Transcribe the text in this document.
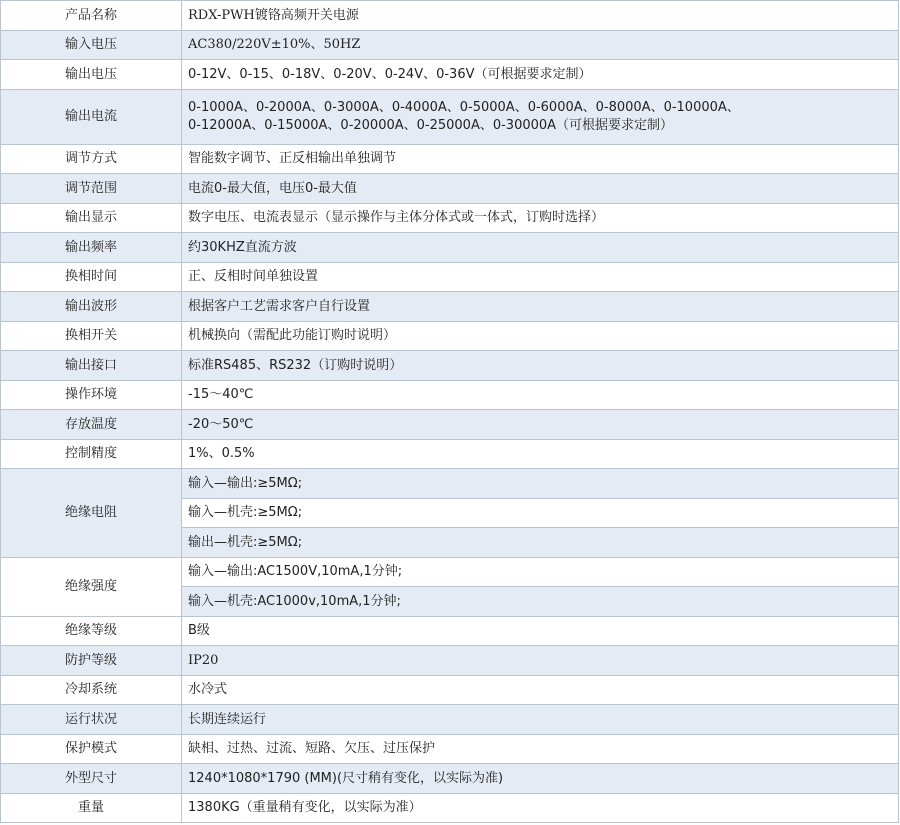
产品名称	RDX-PWH镀铬高频开关电源
输入电压	AC380/220V±10%、50HZ
输出电压	0-12V、0-15、0-18V、0-20V、0-24V、0-36V（可根据要求定制）
输出电流	0-1000A、0-2000A、0-3000A、0-4000A、0-5000A、0-6000A、0-8000A、0-10000A、
0-12000A、0-15000A、0-20000A、0-25000A、0-30000A（可根据要求定制）

调节方式	智能数字调节、正反相输出单独调节
调节范围	电流0-最大值，电压0-最大值
输出显示	数字电压、电流表显示（显示操作与主体分体式或一体式，订购时选择）
输出频率	约30KHZ直流方波
换相时间	正、反相时间单独设置
输出波形	根据客户工艺需求客户自行设置
换相开关	机械换向（需配此功能订购时说明）
输出接口	标准RS485、RS232（订购时说明）
操作环境	-15～40℃
存放温度	-20～50℃
控制精度	1%、0.5%
绝缘电阻	输入—输出:≥5MΩ;
	输入—机壳:≥5MΩ;
	输出—机壳:≥5MΩ;
绝缘强度	输入—输出:AC1500V,10mA,1分钟;
	输入—机壳:AC1000v,10mA,1分钟;
绝缘等级	B级
防护等级	IP20
冷却系统	水冷式
运行状况	长期连续运行
保护模式	缺相、过热、过流、短路、欠压、过压保护
外型尺寸	1240*1080*1790 (MM)(尺寸稍有变化，以实际为准)
重量	1380KG（重量稍有变化，以实际为准）
